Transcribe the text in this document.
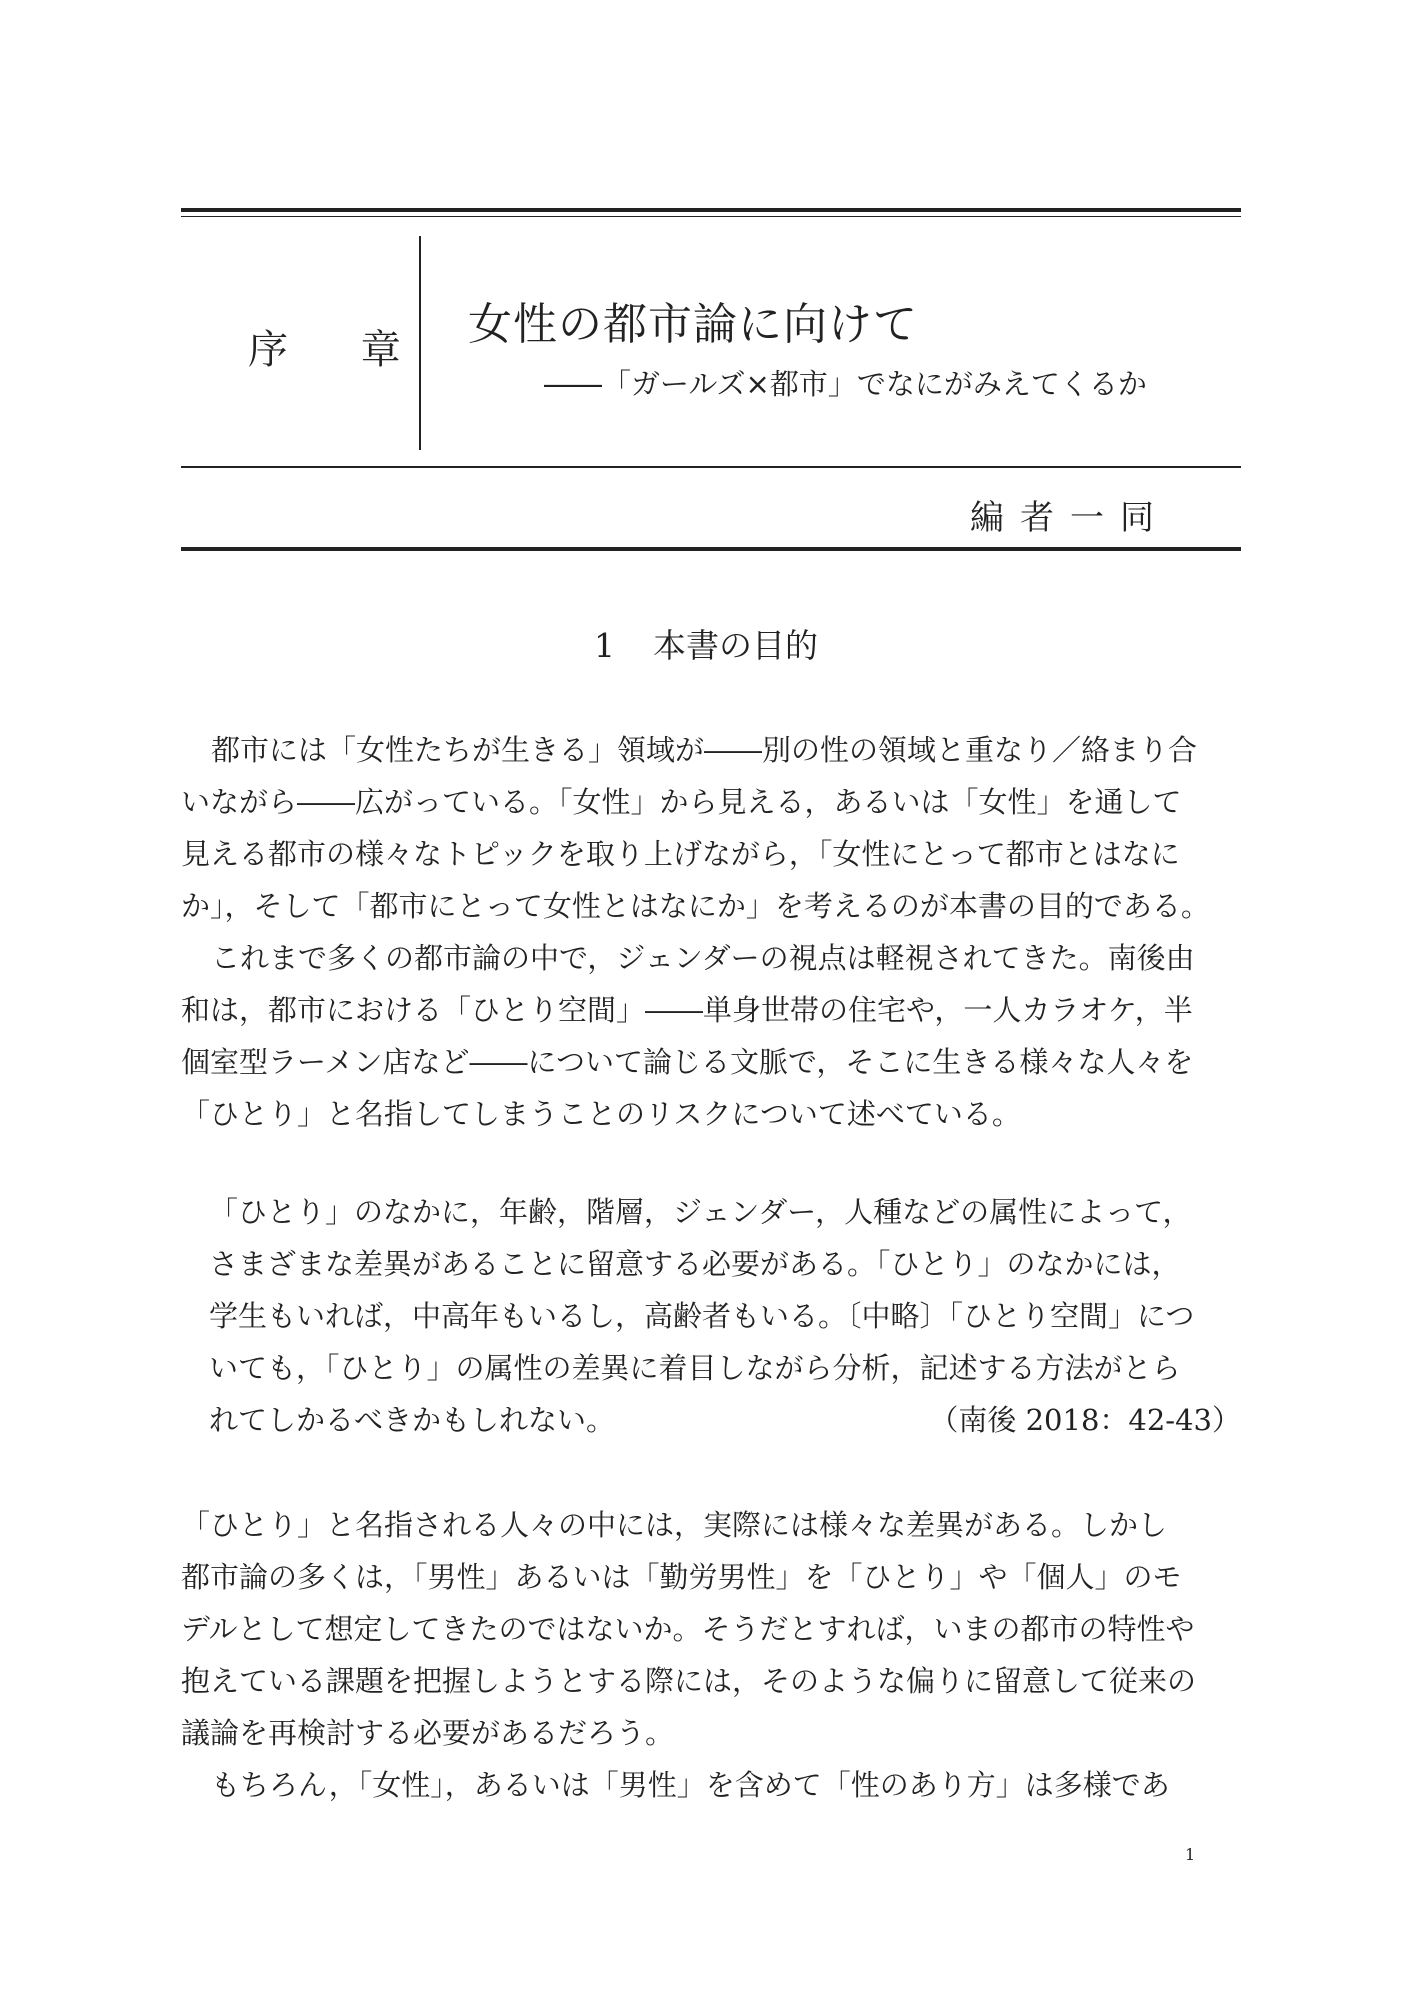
序 章 女性の都市論に向けて
――「ガールズ×都市」でなにがみえてくるか
編者一同
1 本書の目的
都市には「女性たちが生きる」領域が――別の性の領域と重なり／絡まり合
いながら――広がっている。「女性」から見える，あるいは「女性」を通して
見える都市の様々なトピックを取り上げながら，「女性にとって都市とはなに
か」，そして「都市にとって女性とはなにか」を考えるのが本書の目的である。
これまで多くの都市論の中で，ジェンダーの視点は軽視されてきた。南後由
和は，都市における「ひとり空間」――単身世帯の住宅や，一人カラオケ，半
個室型ラーメン店など――について論じる文脈で，そこに生きる様々な人々を
「ひとり」と名指してしまうことのリスクについて述べている。
「ひとり」のなかに，年齢，階層，ジェンダー，人種などの属性によって，
さまざまな差異があることに留意する必要がある。「ひとり」のなかには，
学生もいれば，中高年もいるし，高齢者もいる。〔中略〕「ひとり空間」につ
いても，「ひとり」の属性の差異に着目しながら分析，記述する方法がとら
れてしかるべきかもしれない。	（南後 2018：42-43）
「ひとり」と名指される人々の中には，実際には様々な差異がある。しかし
都市論の多くは，「男性」あるいは「勤労男性」を「ひとり」や「個人」のモ
デルとして想定してきたのではないか。そうだとすれば，いまの都市の特性や
抱えている課題を把握しようとする際には，そのような偏りに留意して従来の
議論を再検討する必要があるだろう。
もちろん，「女性」，あるいは「男性」を含めて「性のあり方」は多様であ
1
